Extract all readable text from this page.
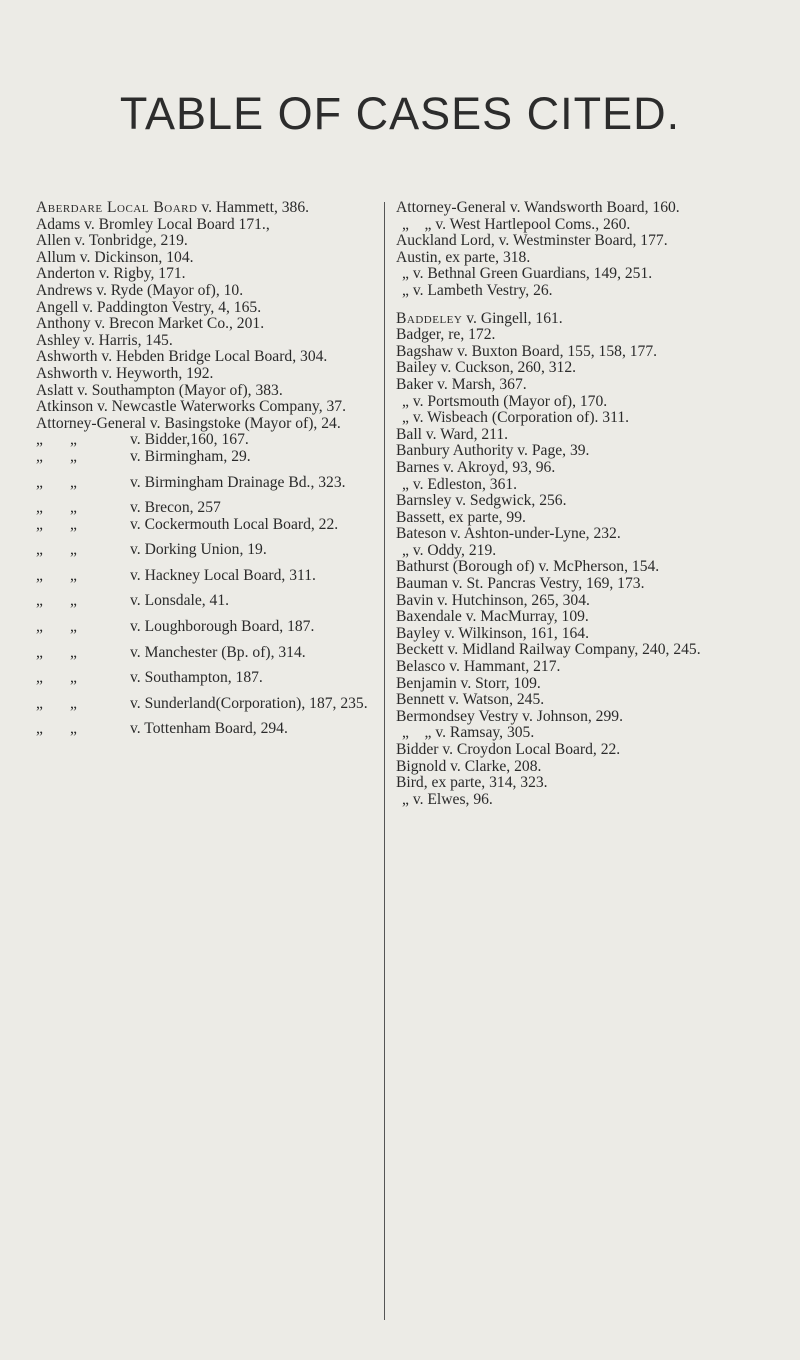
TABLE OF CASES CITED.
Aberdare Local Board v. Hammett, 386.
Adams v. Bromley Local Board 171.,
Allen v. Tonbridge, 219.
Allum v. Dickinson, 104.
Anderton v. Rigby, 171.
Andrews v. Ryde (Mayor of), 10.
Angell v. Paddington Vestry, 4, 165.
Anthony v. Brecon Market Co., 201.
Ashley v. Harris, 145.
Ashworth v. Hebden Bridge Local Board, 304.
Ashworth v. Heyworth, 192.
Aslatt v. Southampton (Mayor of), 383.
Atkinson v. Newcastle Waterworks Company, 37.
Attorney-General v. Basingstoke (Mayor of), 24.
„ „	v. Bidder,160, 167.
„ „	v. Birmingham, 29.
„ „	v. Birmingham Drainage Bd., 323.
„ „	v. Brecon, 257
„ „	v. Cockermouth Local Board, 22.
„ „	v. Dorking Union, 19.
„ „	v. Hackney Local Board, 311.
„ „	v. Lonsdale, 41.
„ „	v. Loughborough Board, 187.
„ „	v. Manchester (Bp. of), 314.
„ „	v. Southampton, 187.
„ „	v. Sunderland(Corporation), 187, 235.
„ „	v. Tottenham Board, 294.
Attorney-General v. Wandsworth Board, 160.
„ „ v. West Hartlepool Coms., 260.
Auckland Lord, v. Westminster Board, 177.
Austin, ex parte, 318.
„ v. Bethnal Green Guardians, 149, 251.
„ v. Lambeth Vestry, 26.
Baddeley v. Gingell, 161.
Badger, re, 172.
Bagshaw v. Buxton Board, 155, 158, 177.
Bailey v. Cuckson, 260, 312.
Baker v. Marsh, 367.
„ v. Portsmouth (Mayor of), 170.
„ v. Wisbeach (Corporation of). 311.
Ball v. Ward, 211.
Banbury Authority v. Page, 39.
Barnes v. Akroyd, 93, 96.
„ v. Edleston, 361.
Barnsley v. Sedgwick, 256.
Bassett, ex parte, 99.
Bateson v. Ashton-under-Lyne, 232.
„ v. Oddy, 219.
Bathurst (Borough of) v. McPherson, 154.
Bauman v. St. Pancras Vestry, 169, 173.
Bavin v. Hutchinson, 265, 304.
Baxendale v. MacMurray, 109.
Bayley v. Wilkinson, 161, 164.
Beckett v. Midland Railway Company, 240, 245.
Belasco v. Hammant, 217.
Benjamin v. Storr, 109.
Bennett v. Watson, 245.
Bermondsey Vestry v. Johnson, 299.
„ „ v. Ramsay, 305.
Bidder v. Croydon Local Board, 22.
Bignold v. Clarke, 208.
Bird, ex parte, 314, 323.
„ v. Elwes, 96.
